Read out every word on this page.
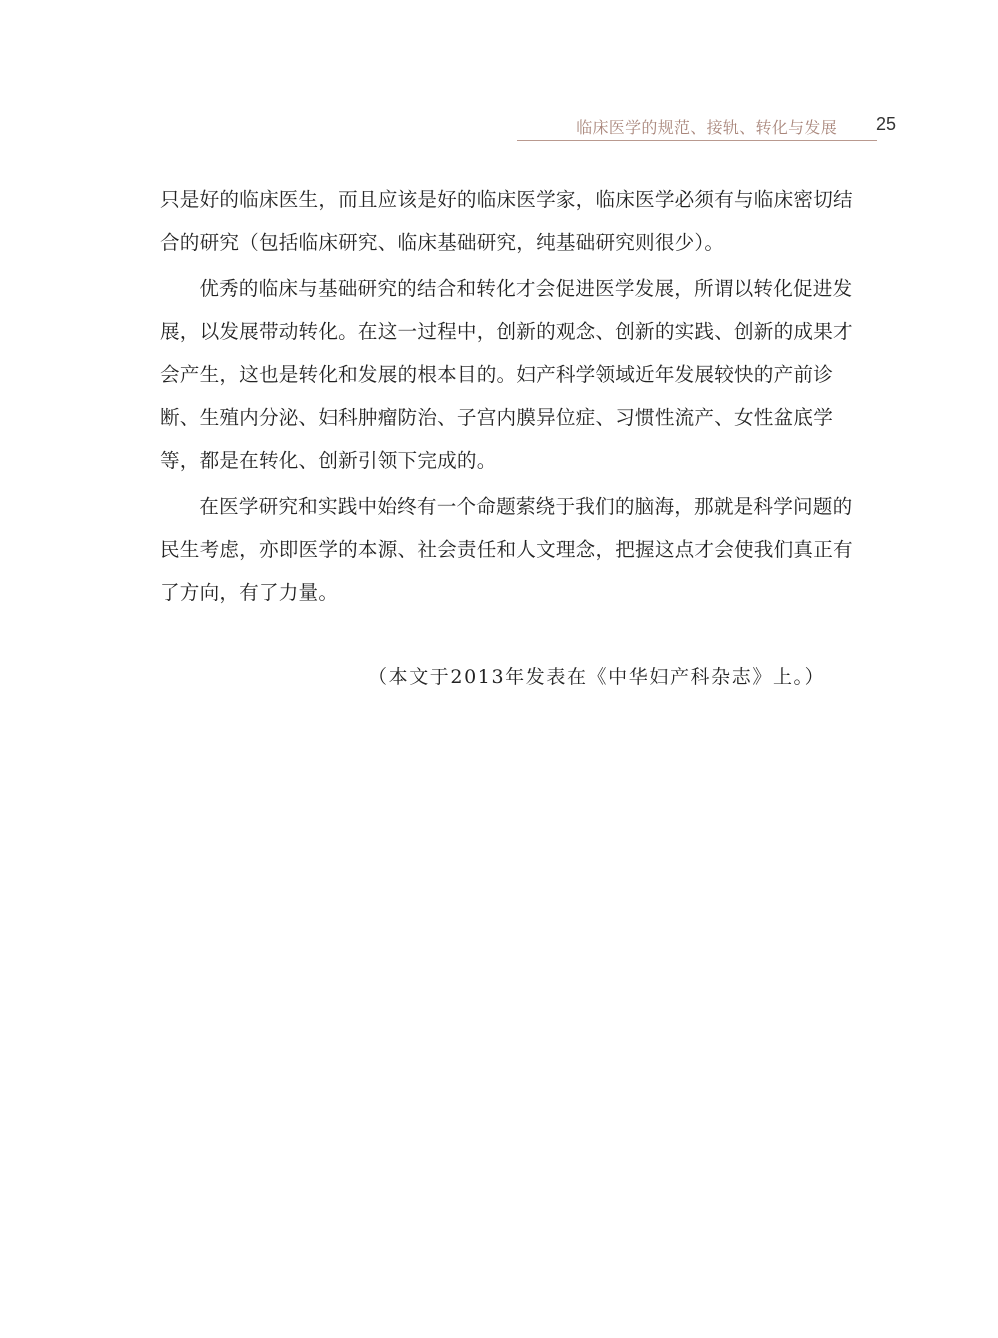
临床医学的规范、接轨、转化与发展 25

只是好的临床医生，而且应该是好的临床医学家，临床医学必须有与临床密切结合的研究（包括临床研究、临床基础研究，纯基础研究则很少）。

优秀的临床与基础研究的结合和转化才会促进医学发展，所谓以转化促进发展，以发展带动转化。在这一过程中，创新的观念、创新的实践、创新的成果才会产生，这也是转化和发展的根本目的。妇产科学领域近年发展较快的产前诊断、生殖内分泌、妇科肿瘤防治、子宫内膜异位症、习惯性流产、女性盆底学等，都是在转化、创新引领下完成的。

在医学研究和实践中始终有一个命题萦绕于我们的脑海，那就是科学问题的民生考虑，亦即医学的本源、社会责任和人文理念，把握这点才会使我们真正有了方向，有了力量。

（本文于2013年发表在《中华妇产科杂志》上。）
